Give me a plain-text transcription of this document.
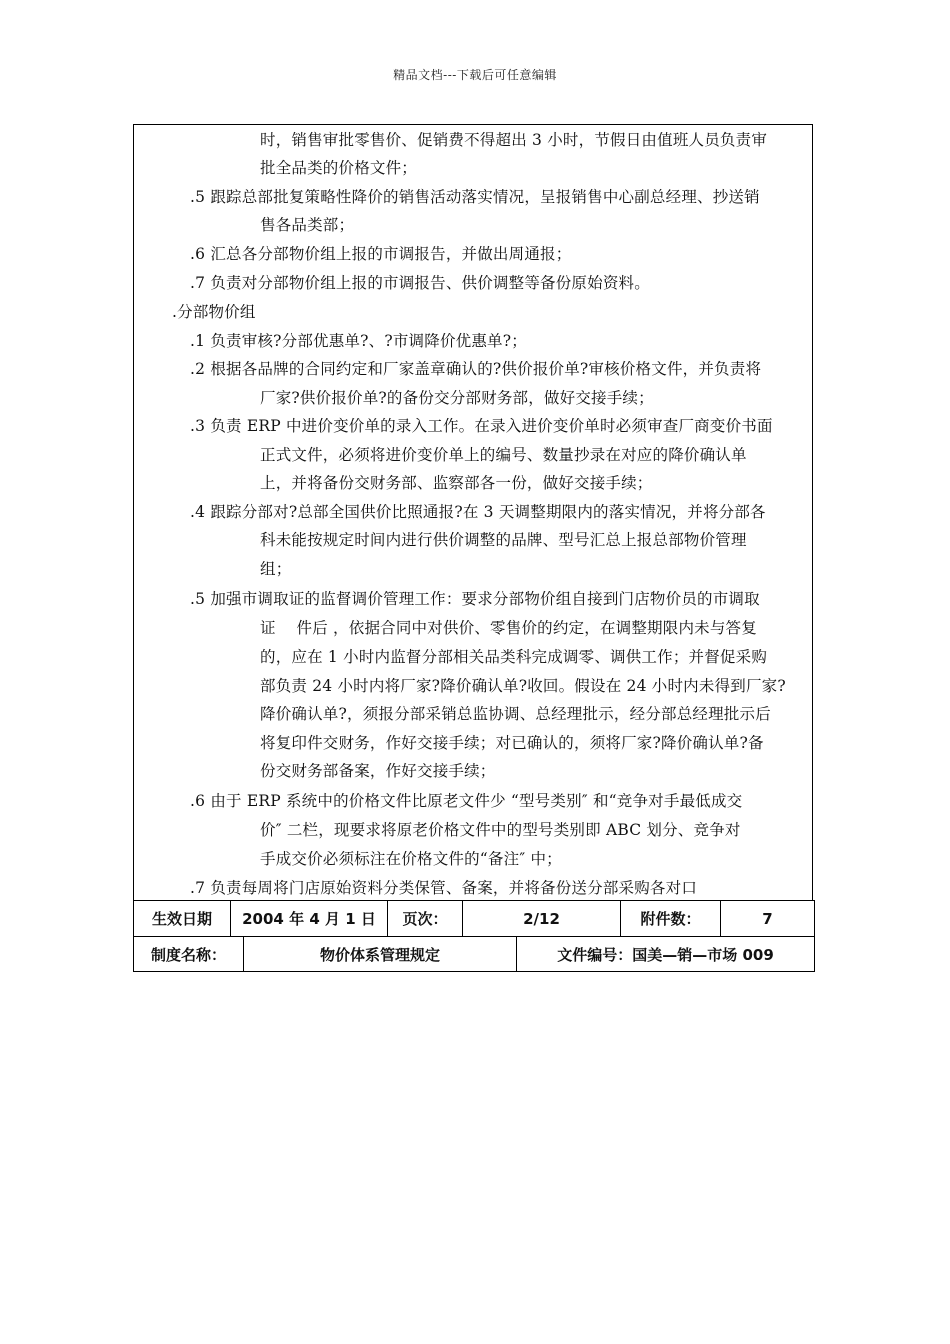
精品文档---下载后可任意编辑
时，销售审批零售价、促销费不得超出 3 小时，节假日由值班人员负责审
批全品类的价格文件；
.5 跟踪总部批复策略性降价的销售活动落实情况，呈报销售中心副总经理、抄送销
售各品类部；
.6 汇总各分部物价组上报的市调报告，并做出周通报；
.7 负责对分部物价组上报的市调报告、供价调整等备份原始资料。
.分部物价组
.1 负责审核?分部优惠单?、?市调降价优惠单?；
.2 根据各品牌的合同约定和厂家盖章确认的?供价报价单?审核价格文件，并负责将
厂家?供价报价单?的备份交分部财务部，做好交接手续；
.3 负责 ERP 中进价变价单的录入工作。在录入进价变价单时必须审查厂商变价书面
正式文件，必须将进价变价单上的编号、数量抄录在对应的降价确认单
上，并将备份交财务部、监察部各一份，做好交接手续；
.4 跟踪分部对?总部全国供价比照通报?在 3 天调整期限内的落实情况，并将分部各
科未能按规定时间内进行供价调整的品牌、型号汇总上报总部物价管理
组；
.5 加强市调取证的监督调价管理工作：要求分部物价组自接到门店物价员的市调取
证　 件后 ，依据合同中对供价、零售价的约定，在调整期限内未与答复
的，应在 1 小时内监督分部相关品类科完成调零、调供工作；并督促采购
部负责 24 小时内将厂家?降价确认单?收回。假设在 24 小时内未得到厂家?
降价确认单?，须报分部采销总监协调、总经理批示，经分部总经理批示后
将复印件交财务，作好交接手续；对已确认的，须将厂家?降价确认单?备
份交财务部备案，作好交接手续；
.6 由于 ERP 系统中的价格文件比原老文件少 “型号类别″ 和“竞争对手最低成交
价″ 二栏，现要求将原老价格文件中的型号类别即 ABC 划分、竞争对
手成交价必须标注在价格文件的“备注″ 中；
.7 负责每周将门店原始资料分类保管、备案，并将备份送分部采购各对口
生效日期	2004 年 4 月 1 日	页次：	2/12	附件数：	7
制度名称：	物价体系管理规定	文件编号：国美—销—市场 009
